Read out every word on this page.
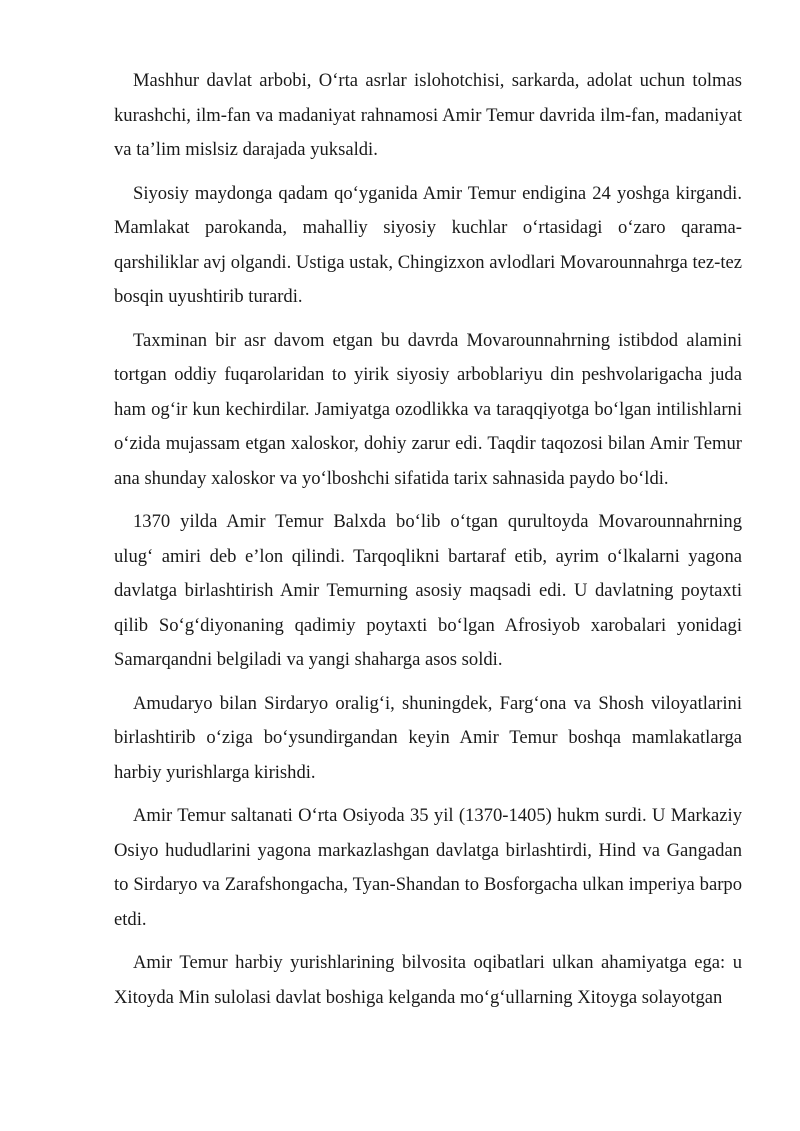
Mashhur davlat arbobi, O‘rta asrlar islohotchisi, sarkarda, adolat uchun tolmas kurashchi, ilm-fan va madaniyat rahnamosi Amir Temur davrida ilm-fan, madaniyat va ta’lim mislsiz darajada yuksaldi.

Siyosiy maydonga qadam qo‘yganida Amir Temur endigina 24 yoshga kirgandi. Mamlakat parokanda, mahalliy siyosiy kuchlar o‘rtasidagi o‘zaro qarama-qarshiliklar avj olgandi. Ustiga ustak, Chingizxon avlodlari Movarounnahrga tez-tez bosqin uyushtirib turardi.

Taxminan bir asr davom etgan bu davrda Movarounnahrning istibdod alamini tortgan oddiy fuqarolaridan to yirik siyosiy arboblariyu din peshvolarigacha juda ham og‘ir kun kechirdilar. Jamiyatga ozodlikka va taraqqiyotga bo‘lgan intilishlarni o‘zida mujassam etgan xaloskor, dohiy zarur edi. Taqdir taqozosi bilan Amir Temur ana shunday xaloskor va yo‘lboshchi sifatida tarix sahnasida paydo bo‘ldi.

1370 yilda Amir Temur Balxda bo‘lib o‘tgan qurultoyda Movarounnahrning ulug‘ amiri deb e’lon qilindi. Tarqoqlikni bartaraf etib, ayrim o‘lkalarni yagona davlatga birlashtirish Amir Temurning asosiy maqsadi edi. U davlatning poytaxti qilib So‘g‘diyonaning qadimiy poytaxti bo‘lgan Afrosiyob xarobalari yonidagi Samarqandni belgiladi va yangi shaharga asos soldi.

Amudaryo bilan Sirdaryo oralig‘i, shuningdek, Farg‘ona va Shosh viloyatlarini birlashtirib o‘ziga bo‘ysundirgandan keyin Amir Temur boshqa mamlakatlarga harbiy yurishlarga kirishdi.

Amir Temur saltanati O‘rta Osiyoda 35 yil (1370-1405) hukm surdi. U Markaziy Osiyo hududlarini yagona markazlashgan davlatga birlashtirdi, Hind va Gangadan to Sirdaryo va Zarafshongacha, Tyan-Shandan to Bosforgacha ulkan imperiya barpo etdi.

Amir Temur harbiy yurishlarining bilvosita oqibatlari ulkan ahamiyatga ega: u Xitoyda Min sulolasi davlat boshiga kelganda mo‘g‘ullarning Xitoyga solayotgan
